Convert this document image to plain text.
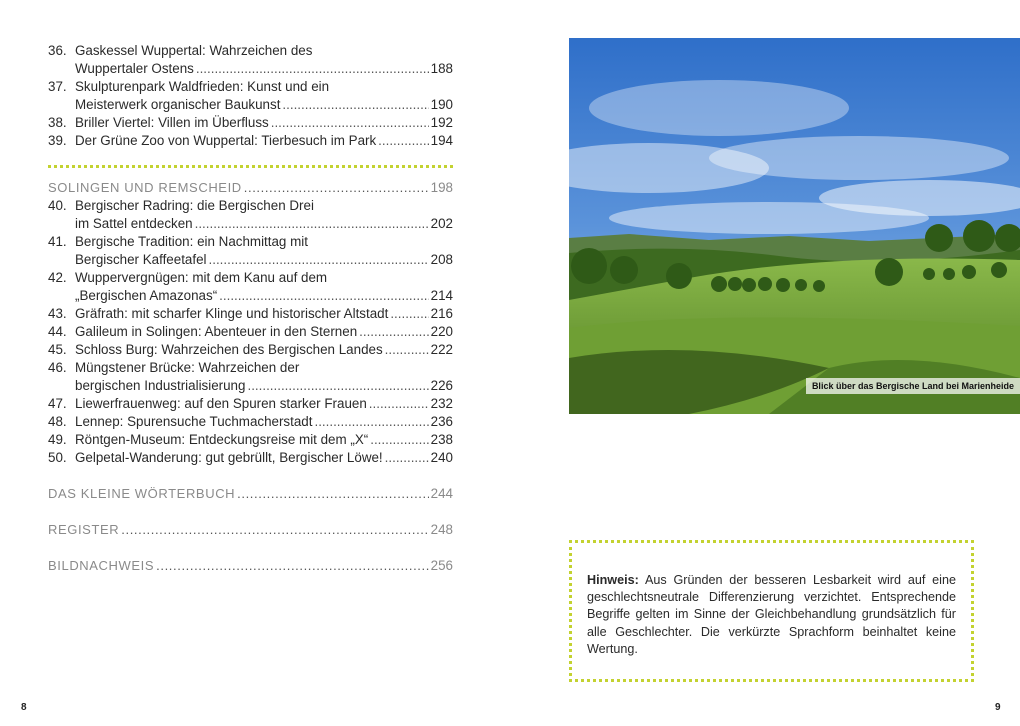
36. Gaskessel Wuppertal: Wahrzeichen des
Wuppertaler Ostens .....	188
37. Skulpturenpark Waldfrieden: Kunst und ein
Meisterwerk organischer Baukunst .....	190
38. Briller Viertel: Villen im Überfluss .....	192
39. Der Grüne Zoo von Wuppertal: Tierbesuch im Park .....	194
SOLINGEN UND REMSCHEID .....	198
40. Bergischer Radring: die Bergischen Drei
im Sattel entdecken .....	202
41. Bergische Tradition: ein Nachmittag mit
Bergischer Kaffeetafel .....	208
42. Wuppervergnügen: mit dem Kanu auf dem
„Bergischen Amazonas“ .....	214
43. Gräfrath: mit scharfer Klinge und historischer Altstadt .....	216
44. Galileum in Solingen: Abenteuer in den Sternen .....	220
45. Schloss Burg: Wahrzeichen des Bergischen Landes .....	222
46. Müngstener Brücke: Wahrzeichen der
bergischen Industrialisierung .....	226
47. Liewerfrauenweg: auf den Spuren starker Frauen .....	232
48. Lennep: Spurensuche Tuchmacherstadt .....	236
49. Röntgen-Museum: Entdeckungsreise mit dem „X“ .....	238
50. Gelpetal-Wanderung: gut gebrüllt, Bergischer Löwe! .....	240
DAS KLEINE WÖRTERBUCH .....	244
REGISTER .....	248
BILDNACHWEIS .....	256
Blick über das Bergische Land bei Marienheide

Hinweis: Aus Gründen der besseren Lesbarkeit wird auf eine geschlechtsneutrale Differenzierung verzichtet. Entsprechende Begriffe gelten im Sinne der Gleichbehandlung grundsätzlich für alle Geschlechter. Die verkürzte Sprachform beinhaltet keine Wertung.

8	9
